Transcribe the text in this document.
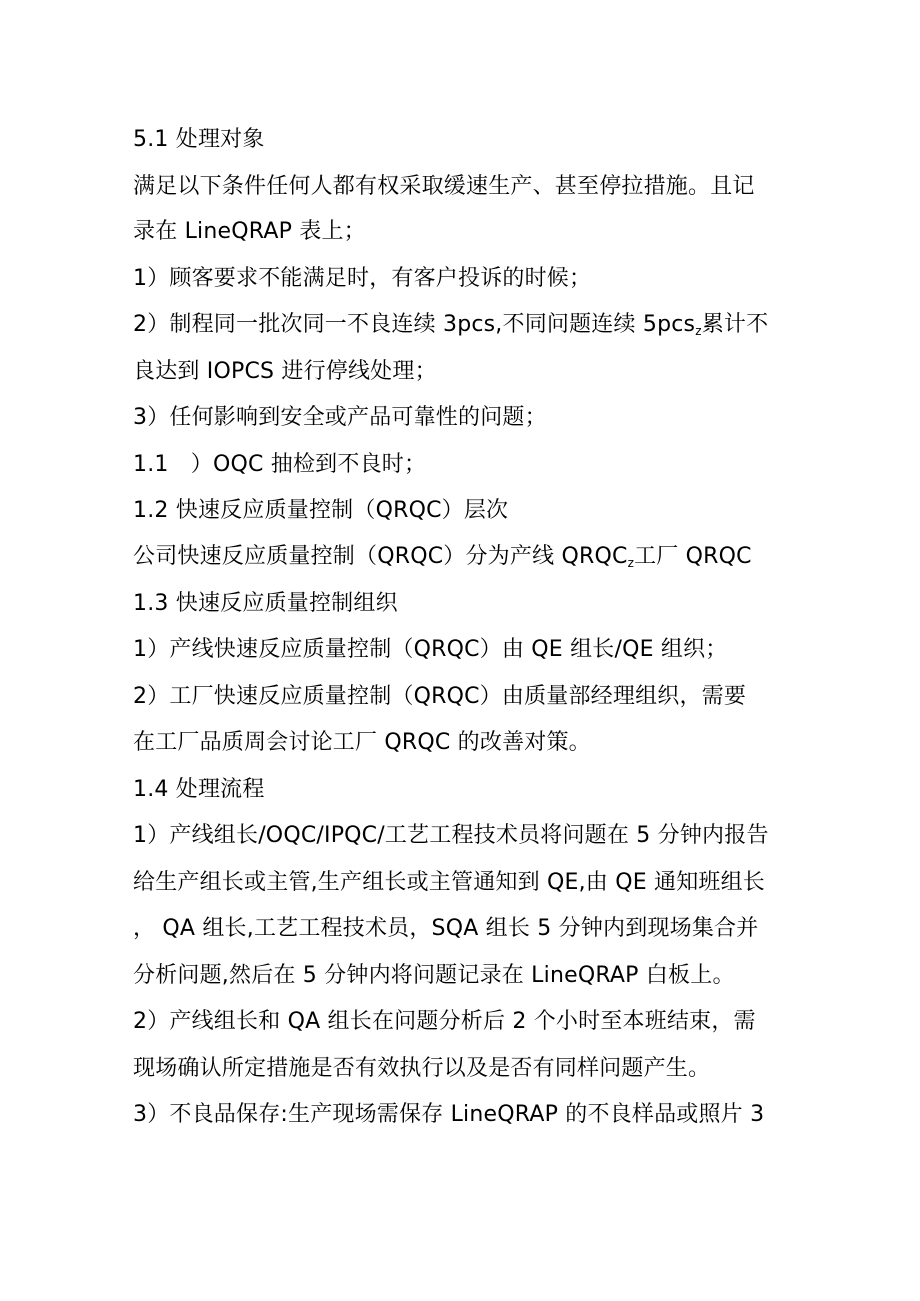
5.1 处理对象
满足以下条件任何人都有权采取缓速生产、甚至停拉措施。且记
录在 LineQRAP 表上；
1）顾客要求不能满足时，有客户投诉的时候；
2）制程同一批次同一不良连续 3pcs,不同问题连续 5pcs$_z$累计不
良达到 IOPCS 进行停线处理；
3）任何影响到安全或产品可靠性的问题；
1.1　）OQC 抽检到不良时；
1.2 快速反应质量控制（QRQC）层次
公司快速反应质量控制（QRQC）分为产线 $QRQC_z$工厂 QRQC
1.3 快速反应质量控制组织
1）产线快速反应质量控制（QRQC）由 QE 组长/QE 组织；
2）工厂快速反应质量控制（QRQC）由质量部经理组织，需要
在工厂品质周会讨论工厂 QRQC 的改善对策。
1.4 处理流程
1）产线组长/OQC/IPQC/工艺工程技术员将问题在 5 分钟内报告
给生产组长或主管,生产组长或主管通知到 QE,由 QE 通知班组长
， QA 组长,工艺工程技术员，SQA 组长 5 分钟内到现场集合并
分析问题,然后在 5 分钟内将问题记录在 LineQRAP 白板上。
2）产线组长和 QA 组长在问题分析后 2 个小时至本班结束，需
现场确认所定措施是否有效执行以及是否有同样问题产生。
3）不良品保存:生产现场需保存 LineQRAP 的不良样品或照片 3
